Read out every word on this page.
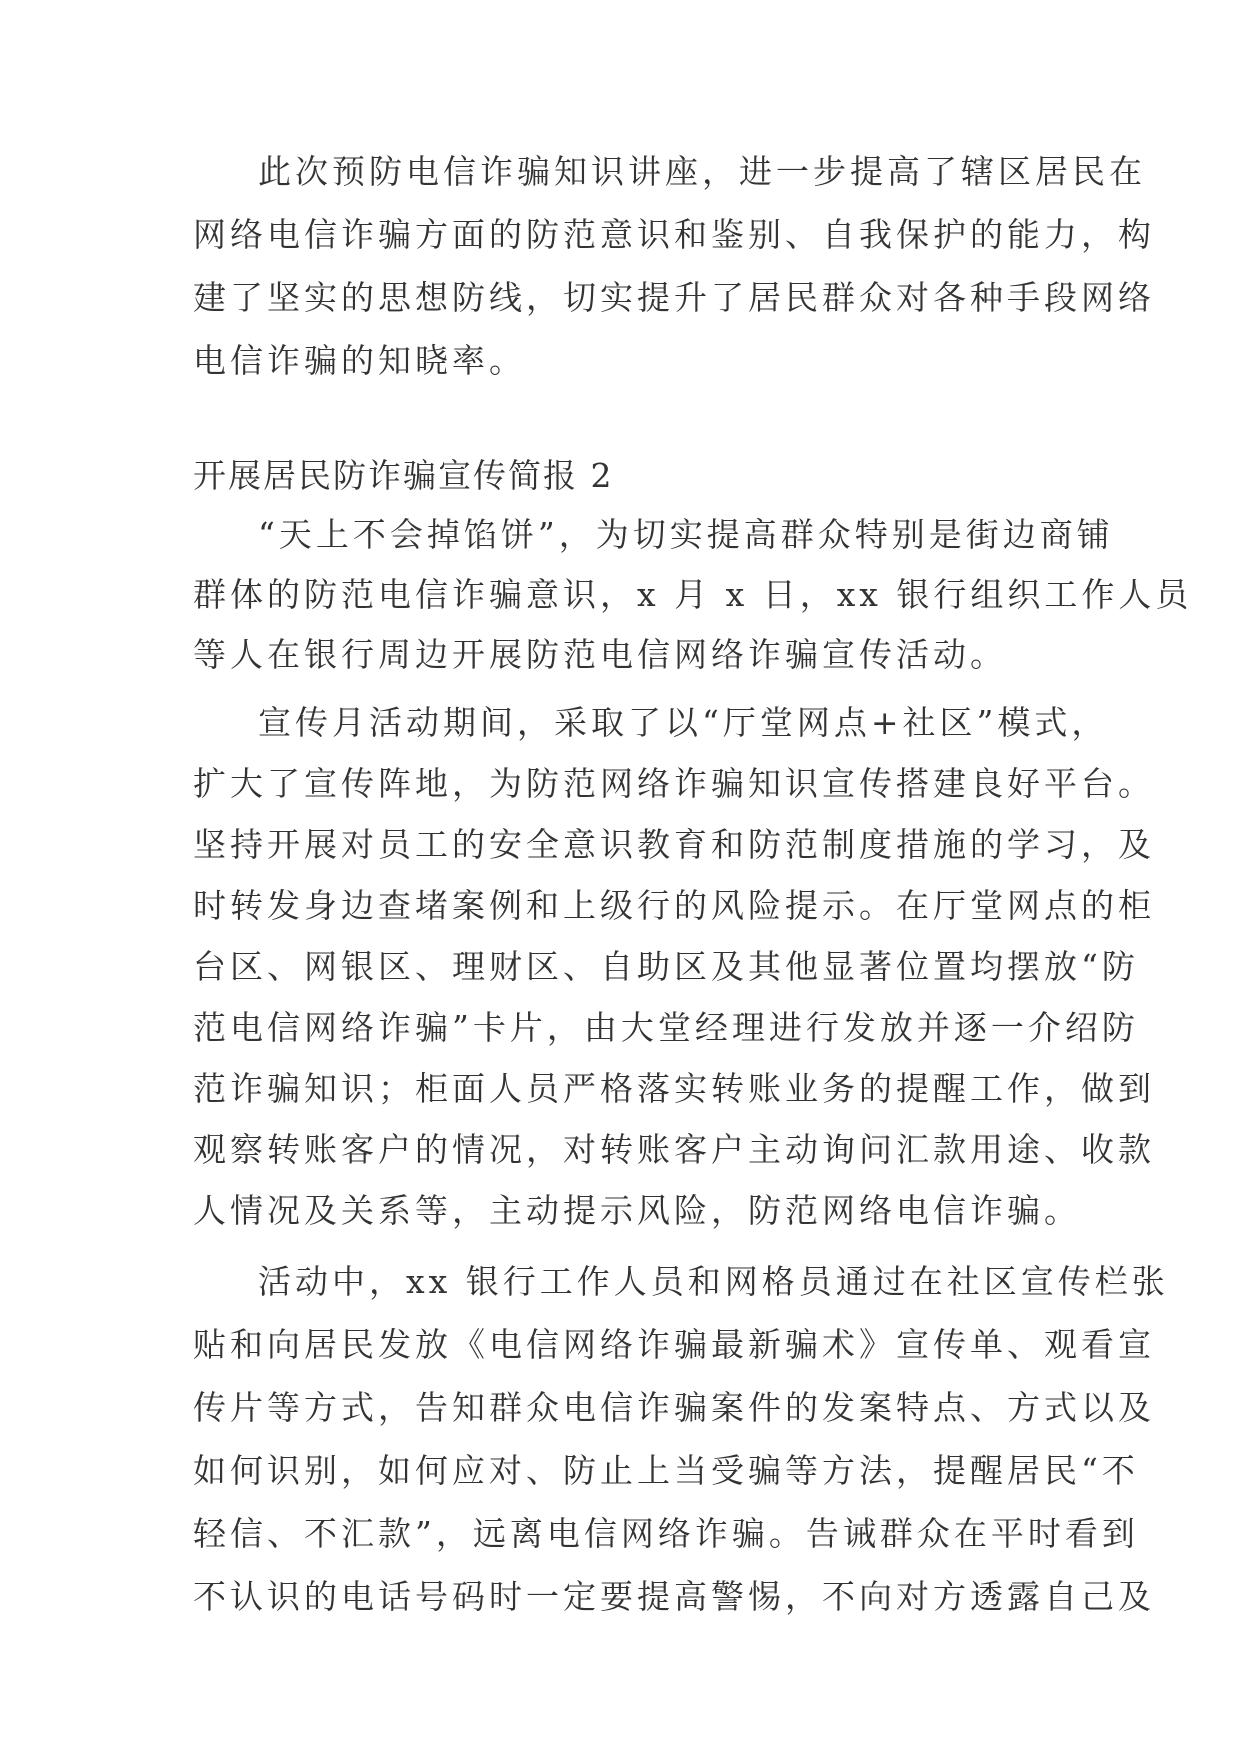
此次预防电信诈骗知识讲座，进一步提高了辖区居民在
网络电信诈骗方面的防范意识和鉴别、自我保护的能力，构
建了坚实的思想防线，切实提升了居民群众对各种手段网络
电信诈骗的知晓率。
开展居民防诈骗宣传简报 2
“天上不会掉馅饼”，为切实提高群众特别是街边商铺
群体的防范电信诈骗意识，x 月 x 日，xx 银行组织工作人员
等人在银行周边开展防范电信网络诈骗宣传活动。
宣传月活动期间，采取了以“厅堂网点+社区”模式，
扩大了宣传阵地，为防范网络诈骗知识宣传搭建良好平台。
坚持开展对员工的安全意识教育和防范制度措施的学习，及
时转发身边查堵案例和上级行的风险提示。在厅堂网点的柜
台区、网银区、理财区、自助区及其他显著位置均摆放“防
范电信网络诈骗”卡片，由大堂经理进行发放并逐一介绍防
范诈骗知识；柜面人员严格落实转账业务的提醒工作，做到
观察转账客户的情况，对转账客户主动询问汇款用途、收款
人情况及关系等，主动提示风险，防范网络电信诈骗。
活动中，xx 银行工作人员和网格员通过在社区宣传栏张
贴和向居民发放《电信网络诈骗最新骗术》宣传单、观看宣
传片等方式，告知群众电信诈骗案件的发案特点、方式以及
如何识别，如何应对、防止上当受骗等方法，提醒居民“不
轻信、不汇款”，远离电信网络诈骗。告诫群众在平时看到
不认识的电话号码时一定要提高警惕，不向对方透露自己及
